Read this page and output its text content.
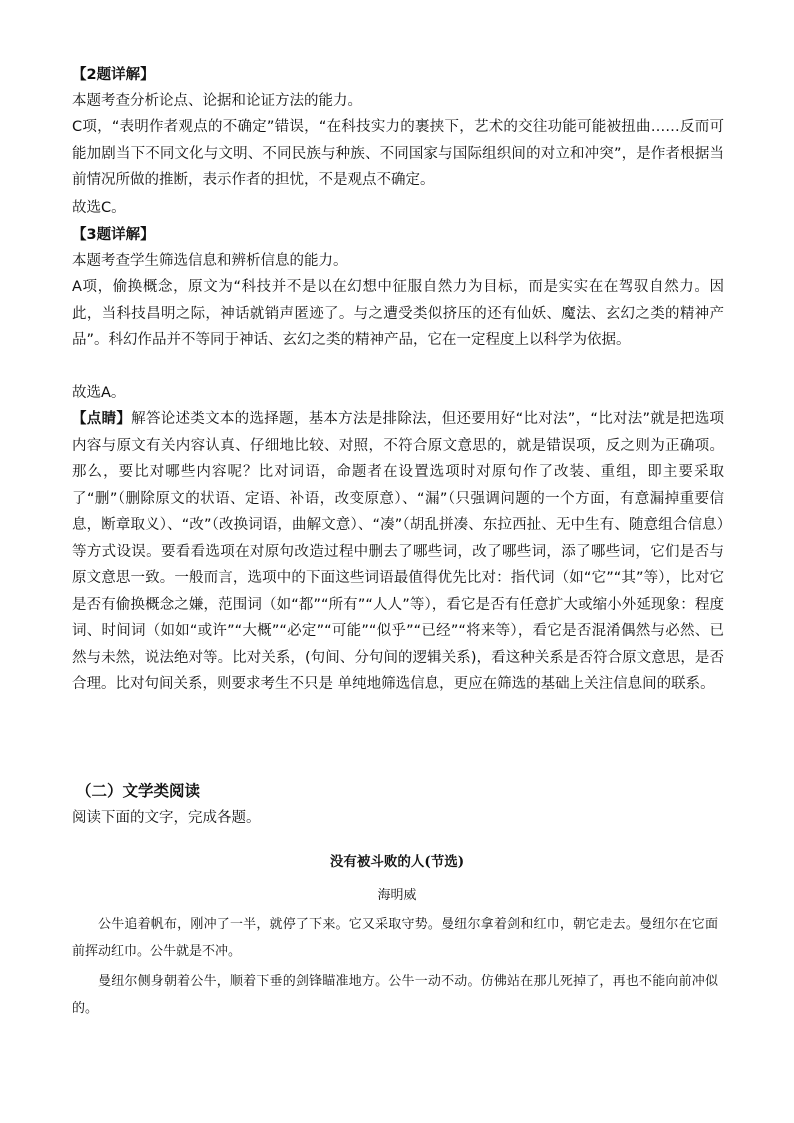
【2题详解】

本题考查分析论点、论据和论证方法的能力。

C项，“表明作者观点的不确定”错误，“在科技实力的裹挟下，艺术的交往功能可能被扭曲……反而可能加剧当下不同文化与文明、不同民族与种族、不同国家与国际组织间的对立和冲突”，是作者根据当前情况所做的推断，表示作者的担忧，不是观点不确定。

故选C。

【3题详解】

本题考查学生筛选信息和辨析信息的能力。

A项，偷换概念，原文为“科技并不是以在幻想中征服自然力为目标，而是实实在在驾驭自然力。因此，当科技昌明之际，神话就销声匿迹了。与之遭受类似挤压的还有仙妖、魔法、玄幻之类的精神产品”。科幻作品并不等同于神话、玄幻之类的精神产品，它在一定程度上以科学为依据。

故选A。

【点睛】解答论述类文本的选择题，基本方法是排除法，但还要用好“比对法”，“比对法”就是把选项内容与原文有关内容认真、仔细地比较、对照，不符合原文意思的，就是错误项，反之则为正确项。那么，要比对哪些内容呢？比对词语，命题者在设置选项时对原句作了改装、重组，即主要采取了“删”（删除原文的状语、定语、补语，改变原意）、“漏”（只强调问题的一个方面，有意漏掉重要信息，断章取义）、“改”（改换词语，曲解文意）、“凑”（胡乱拼凑、东拉西扯、无中生有、随意组合信息）等方式设误。要看看选项在对原句改造过程中删去了哪些词，改了哪些词，添了哪些词，它们是否与原文意思一致。一般而言，选项中的下面这些词语最值得优先比对：指代词（如“它”“其”等），比对它是否有偷换概念之嫌，范围词（如“都”“所有”“人人”等），看它是否有任意扩大或缩小外延现象：程度词、时间词（如如“或许”“大概”“必定”“可能”“似乎”“已经”“将来等），看它是否混淆偶然与必然、已然与未然，说法绝对等。比对关系，(句间、分句间的逻辑关系)，看这种关系是否符合原文意思，是否合理。比对句间关系，则要求考生不只是 单纯地筛选信息，更应在筛选的基础上关注信息间的联系。

（二）文学类阅读

阅读下面的文字，完成各题。

没有被斗败的人(节选)

海明威

公牛追着帆布，刚冲了一半，就停了下来。它又采取守势。曼纽尔拿着剑和红巾，朝它走去。曼纽尔在它面前挥动红巾。公牛就是不冲。

曼纽尔侧身朝着公牛，顺着下垂的剑锋瞄准地方。公牛一动不动。仿佛站在那儿死掉了，再也不能向前冲似的。
